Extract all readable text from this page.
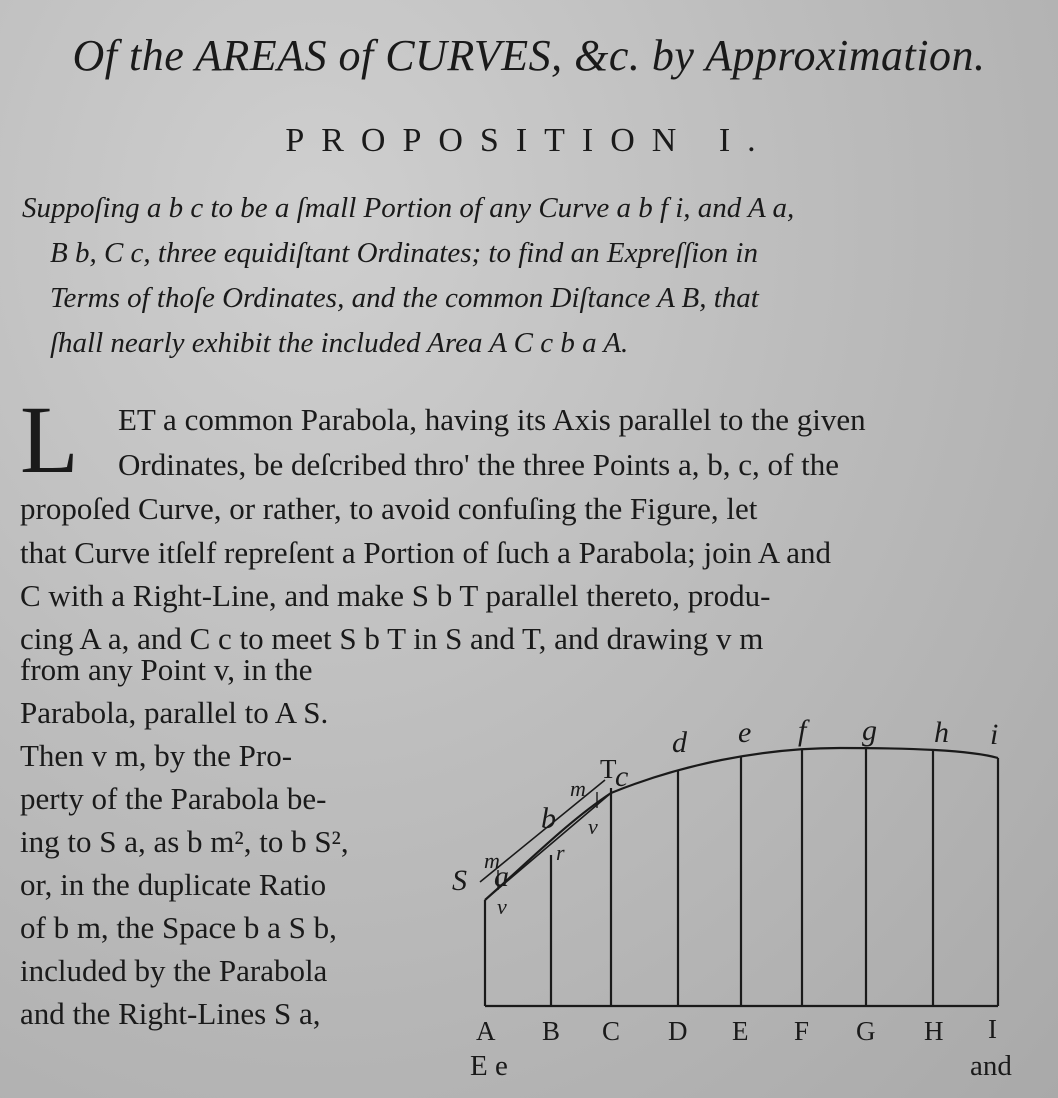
Of the AREAS of CURVES, &c. by Approximation.
PROPOSITION I.
Suppoſing a b c to be a ſmall Portion of any Curve a b f i, and A a,
B b, C c, three equidiſtant Ordinates; to find an Expreſſion in
Terms of thoſe Ordinates, and the common Diſtance A B, that
ſhall nearly exhibit the included Area A C c b a A.
L ET a common Parabola, having its Axis parallel to the given
Ordinates, be deſcribed thro' the three Points a, b, c, of the
propoſed Curve, or rather, to avoid confuſing the Figure, let
that Curve itſelf repreſent a Portion of ſuch a Parabola; join A and
C with a Right-Line, and make S b T parallel thereto, produ-
cing A a, and C c to meet S b T in S and T, and drawing v m
from any Point v, in the
Parabola, parallel to A S.
Then v m, by the Pro-
perty of the Parabola be-
ing to S a, as b m², to b S²,
or, in the duplicate Ratio
of b m, the Space b a S b,
included by the Parabola
and the Right-Lines S a,
a
b
c
d e f g h i
S
T
m
m
v
v
r
A B C D E F G H I
E e	and
